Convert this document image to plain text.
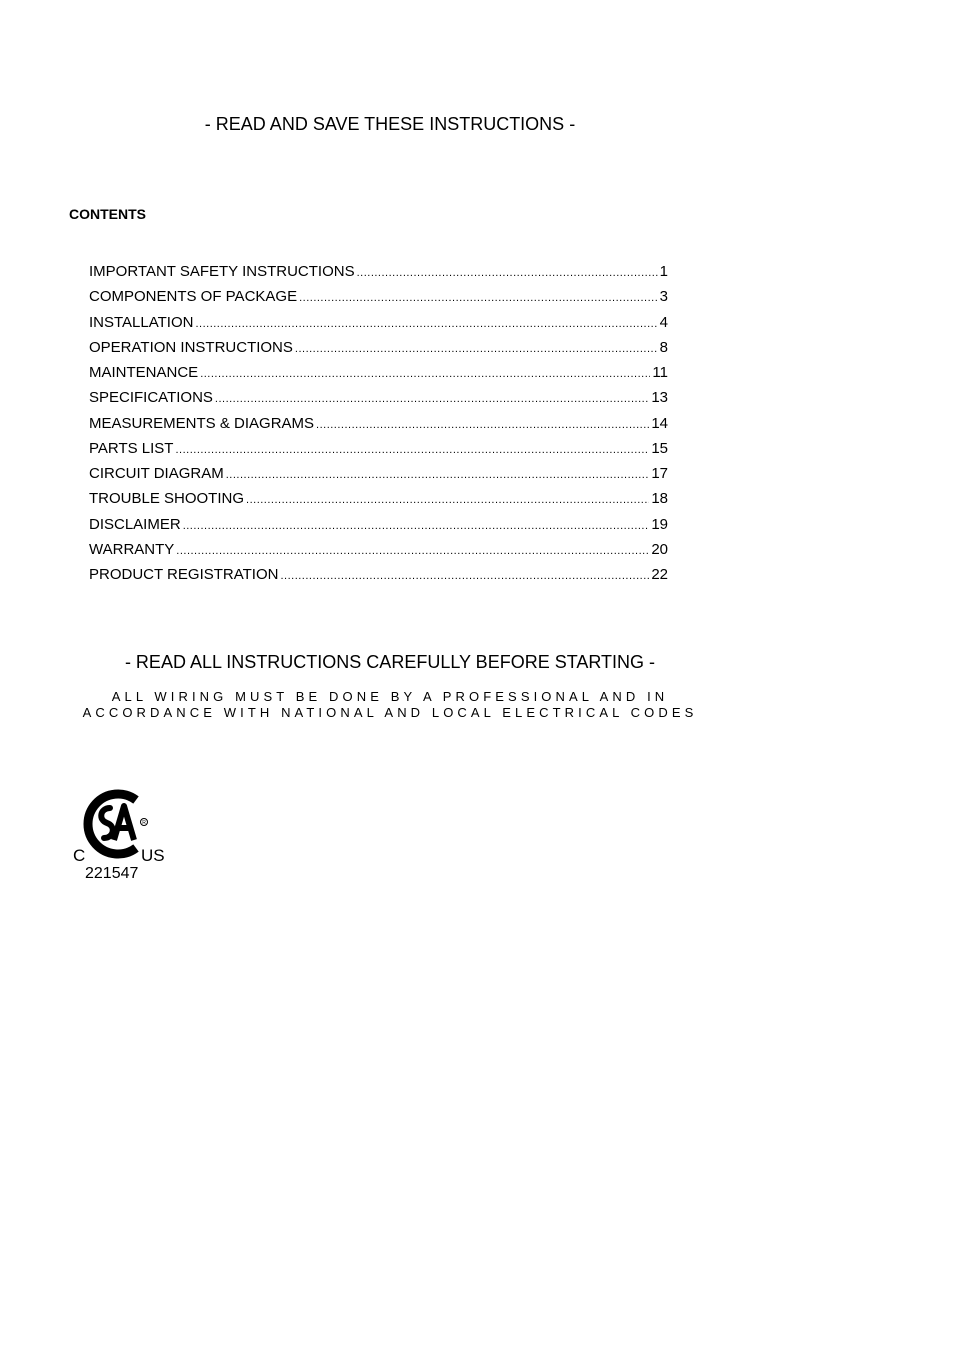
- READ AND SAVE THESE INSTRUCTIONS -
CONTENTS
IMPORTANT SAFETY INSTRUCTIONS .....	1
COMPONENTS OF PACKAGE .....	3
INSTALLATION .....	4
OPERATION INSTRUCTIONS .....	8
MAINTENANCE .....	11
SPECIFICATIONS .....	13
MEASUREMENTS & DIAGRAMS .....	14
PARTS LIST .....	15
CIRCUIT DIAGRAM .....	17
TROUBLE SHOOTING .....	18
DISCLAIMER .....	19
WARRANTY .....	20
PRODUCT REGISTRATION .....	22
- READ ALL INSTRUCTIONS CAREFULLY BEFORE STARTING -
ALL WIRING MUST BE DONE BY A PROFESSIONAL AND IN
ACCORDANCE WITH NATIONAL AND LOCAL ELECTRICAL CODES
R
C	US
221547
